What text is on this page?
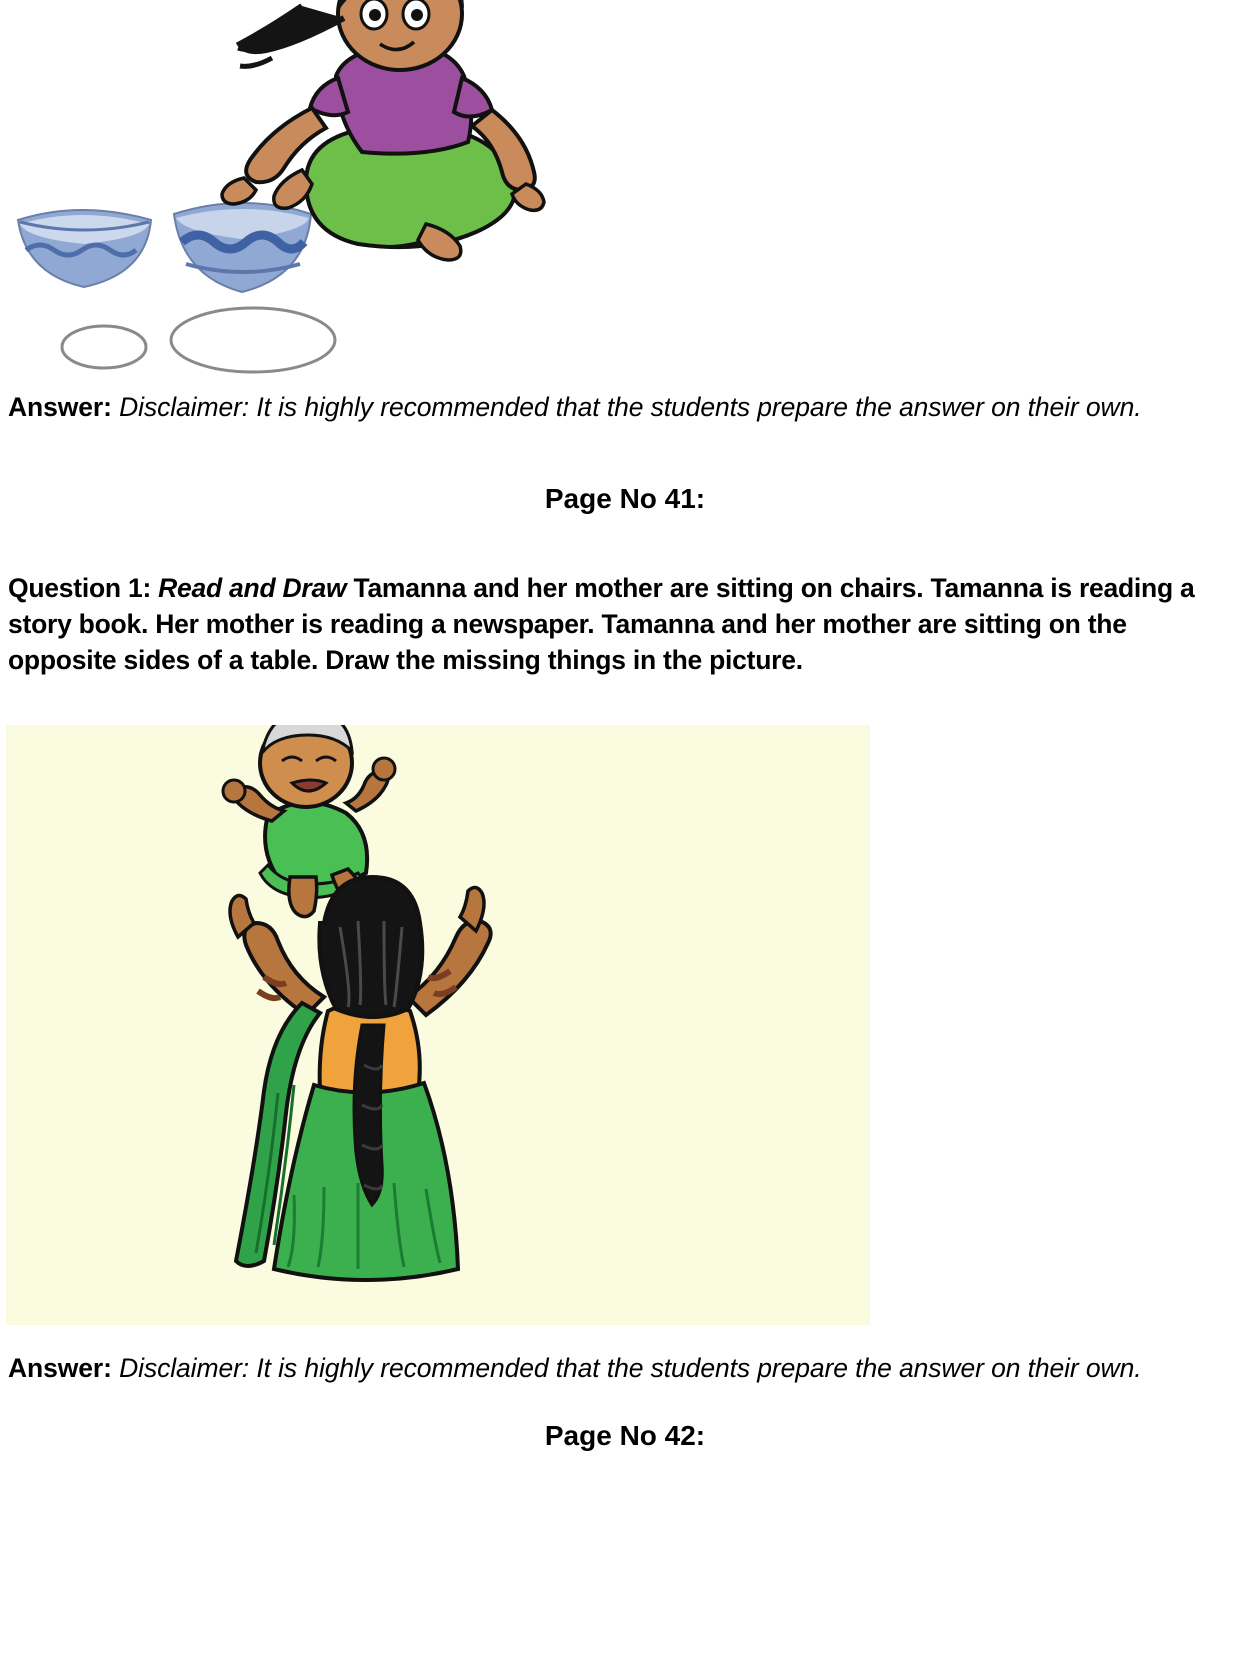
Answer: Disclaimer: It is highly recommended that the students prepare the answer on their own.

Page No 41:

Question 1: Read and Draw Tamanna and her mother are sitting on chairs. Tamanna is reading a story book. Her mother is reading a newspaper. Tamanna and her mother are sitting on the opposite sides of a table. Draw the missing things in the picture.

Answer: Disclaimer: It is highly recommended that the students prepare the answer on their own.

Page No 42:
